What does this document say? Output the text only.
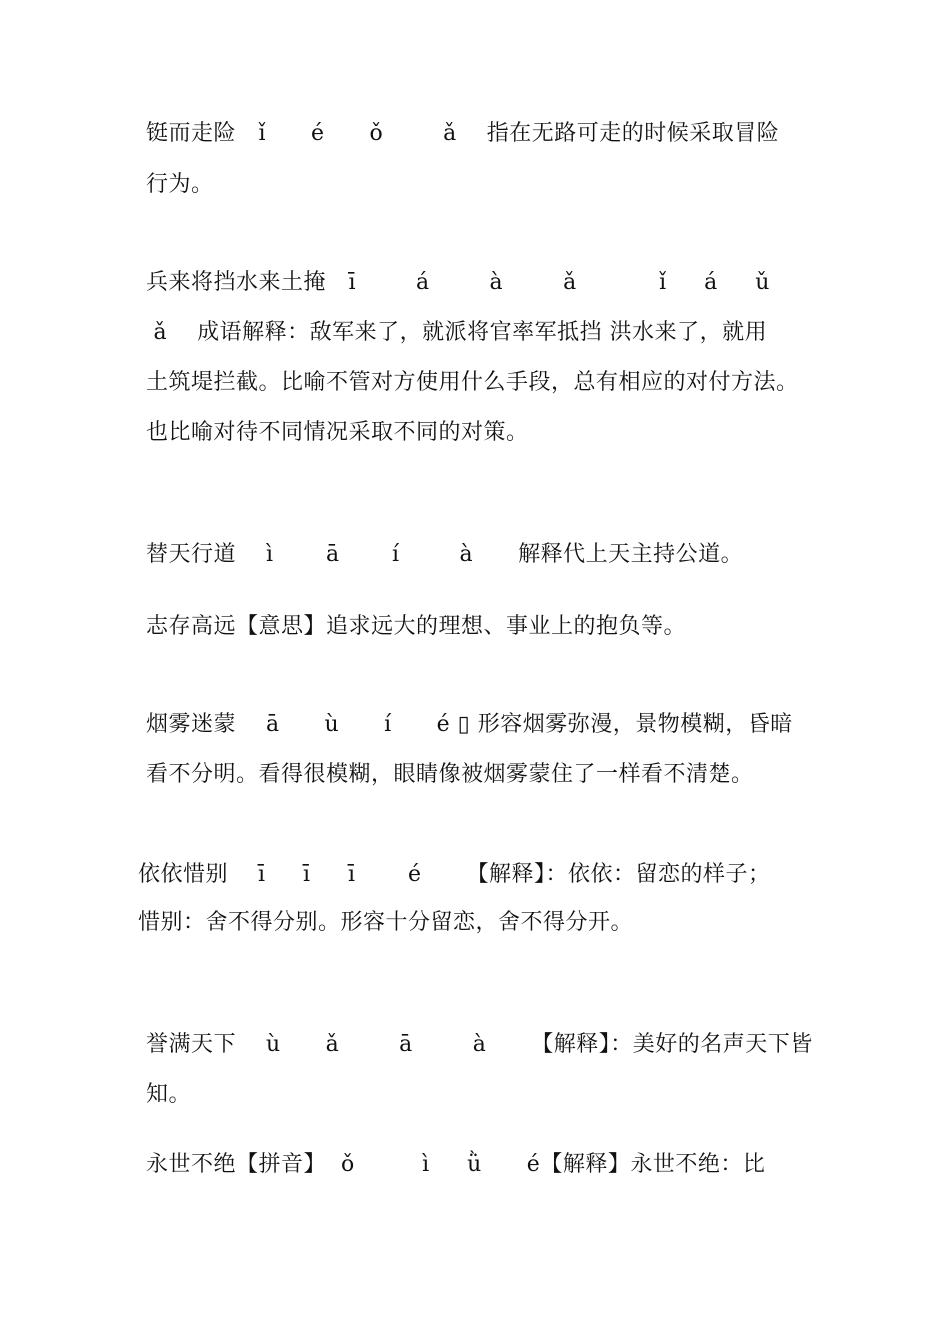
铤而走险   ǐ      é      ǒ        ǎ    指在无路可走的时候采取冒险
行为。
兵来将挡水来土掩   ī        á        à        ǎ           ǐ     á     ǔ
ǎ    成语解释：敌军来了，就派将官率军抵挡 洪水来了，就用
土筑堤拦截。比喻不管对方使用什么手段，总有相应的对付方法。
也比喻对待不同情况采取不同的对策。
替天行道    ì       ā       í        à      解释代上天主持公道。
志存高远【意思】追求远大的理想、事业上的抱负等。
烟雾迷蒙    ā      ù      í      é ▯ 形容烟雾弥漫，景物模糊，昏暗
看不分明。看得很模糊，眼睛像被烟雾蒙住了一样看不清楚。
依依惜别    ī     ī     ī       é      【解释】：依依：留恋的样子；
惜别：舍不得分别。形容十分留恋，舍不得分开。
誉满天下    ù      ǎ        ā        à      【解释】：美好的名声天下皆
知。
永世不绝【拼音】  ǒ         ì     ǜ      é【解释】永世不绝：比
